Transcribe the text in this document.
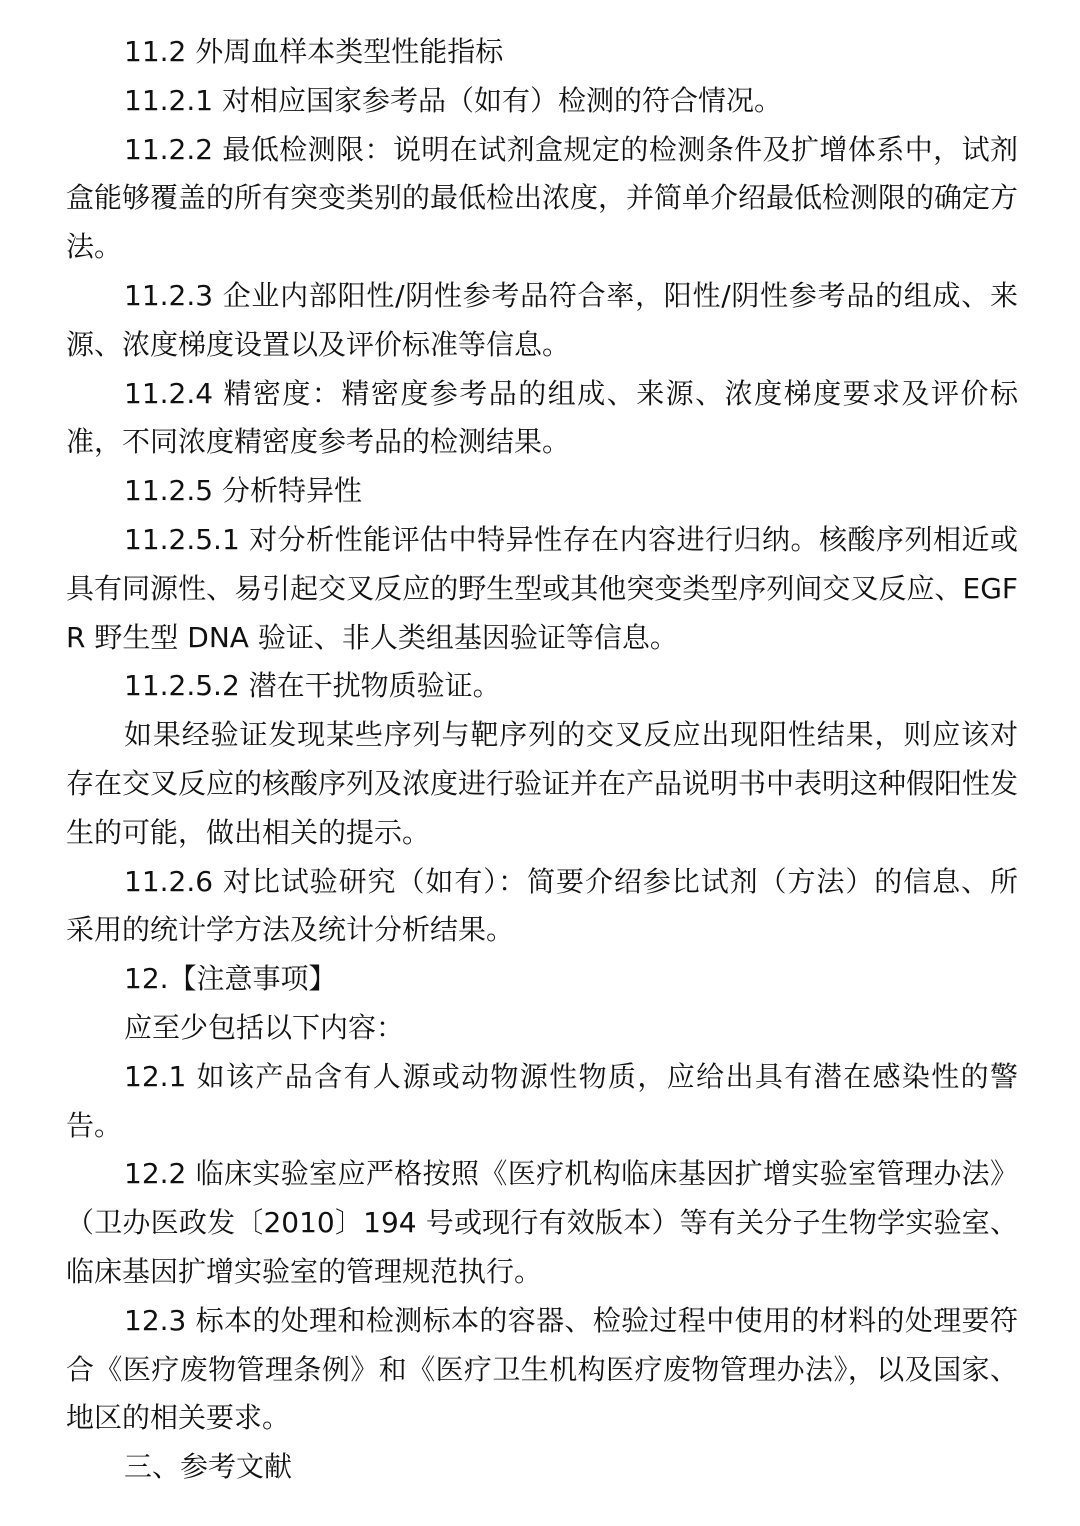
11.2 外周血样本类型性能指标

11.2.1 对相应国家参考品（如有）检测的符合情况。

11.2.2 最低检测限：说明在试剂盒规定的检测条件及扩增体系中，试剂盒能够覆盖的所有突变类别的最低检出浓度，并简单介绍最低检测限的确定方法。

11.2.3 企业内部阳性/阴性参考品符合率，阳性/阴性参考品的组成、来源、浓度梯度设置以及评价标准等信息。

11.2.4 精密度：精密度参考品的组成、来源、浓度梯度要求及评价标准，不同浓度精密度参考品的检测结果。

11.2.5 分析特异性

11.2.5.1 对分析性能评估中特异性存在内容进行归纳。核酸序列相近或具有同源性、易引起交叉反应的野生型或其他突变类型序列间交叉反应、EGFR 野生型 DNA 验证、非人类组基因验证等信息。

11.2.5.2 潜在干扰物质验证。

如果经验证发现某些序列与靶序列的交叉反应出现阳性结果，则应该对存在交叉反应的核酸序列及浓度进行验证并在产品说明书中表明这种假阳性发生的可能，做出相关的提示。

11.2.6 对比试验研究（如有）：简要介绍参比试剂（方法）的信息、所采用的统计学方法及统计分析结果。

12.【注意事项】

应至少包括以下内容：

12.1 如该产品含有人源或动物源性物质，应给出具有潜在感染性的警告。

12.2 临床实验室应严格按照《医疗机构临床基因扩增实验室管理办法》（卫办医政发〔2010〕194 号或现行有效版本）等有关分子生物学实验室、临床基因扩增实验室的管理规范执行。

12.3 标本的处理和检测标本的容器、检验过程中使用的材料的处理要符合《医疗废物管理条例》和《医疗卫生机构医疗废物管理办法》，以及国家、地区的相关要求。

三、参考文献
